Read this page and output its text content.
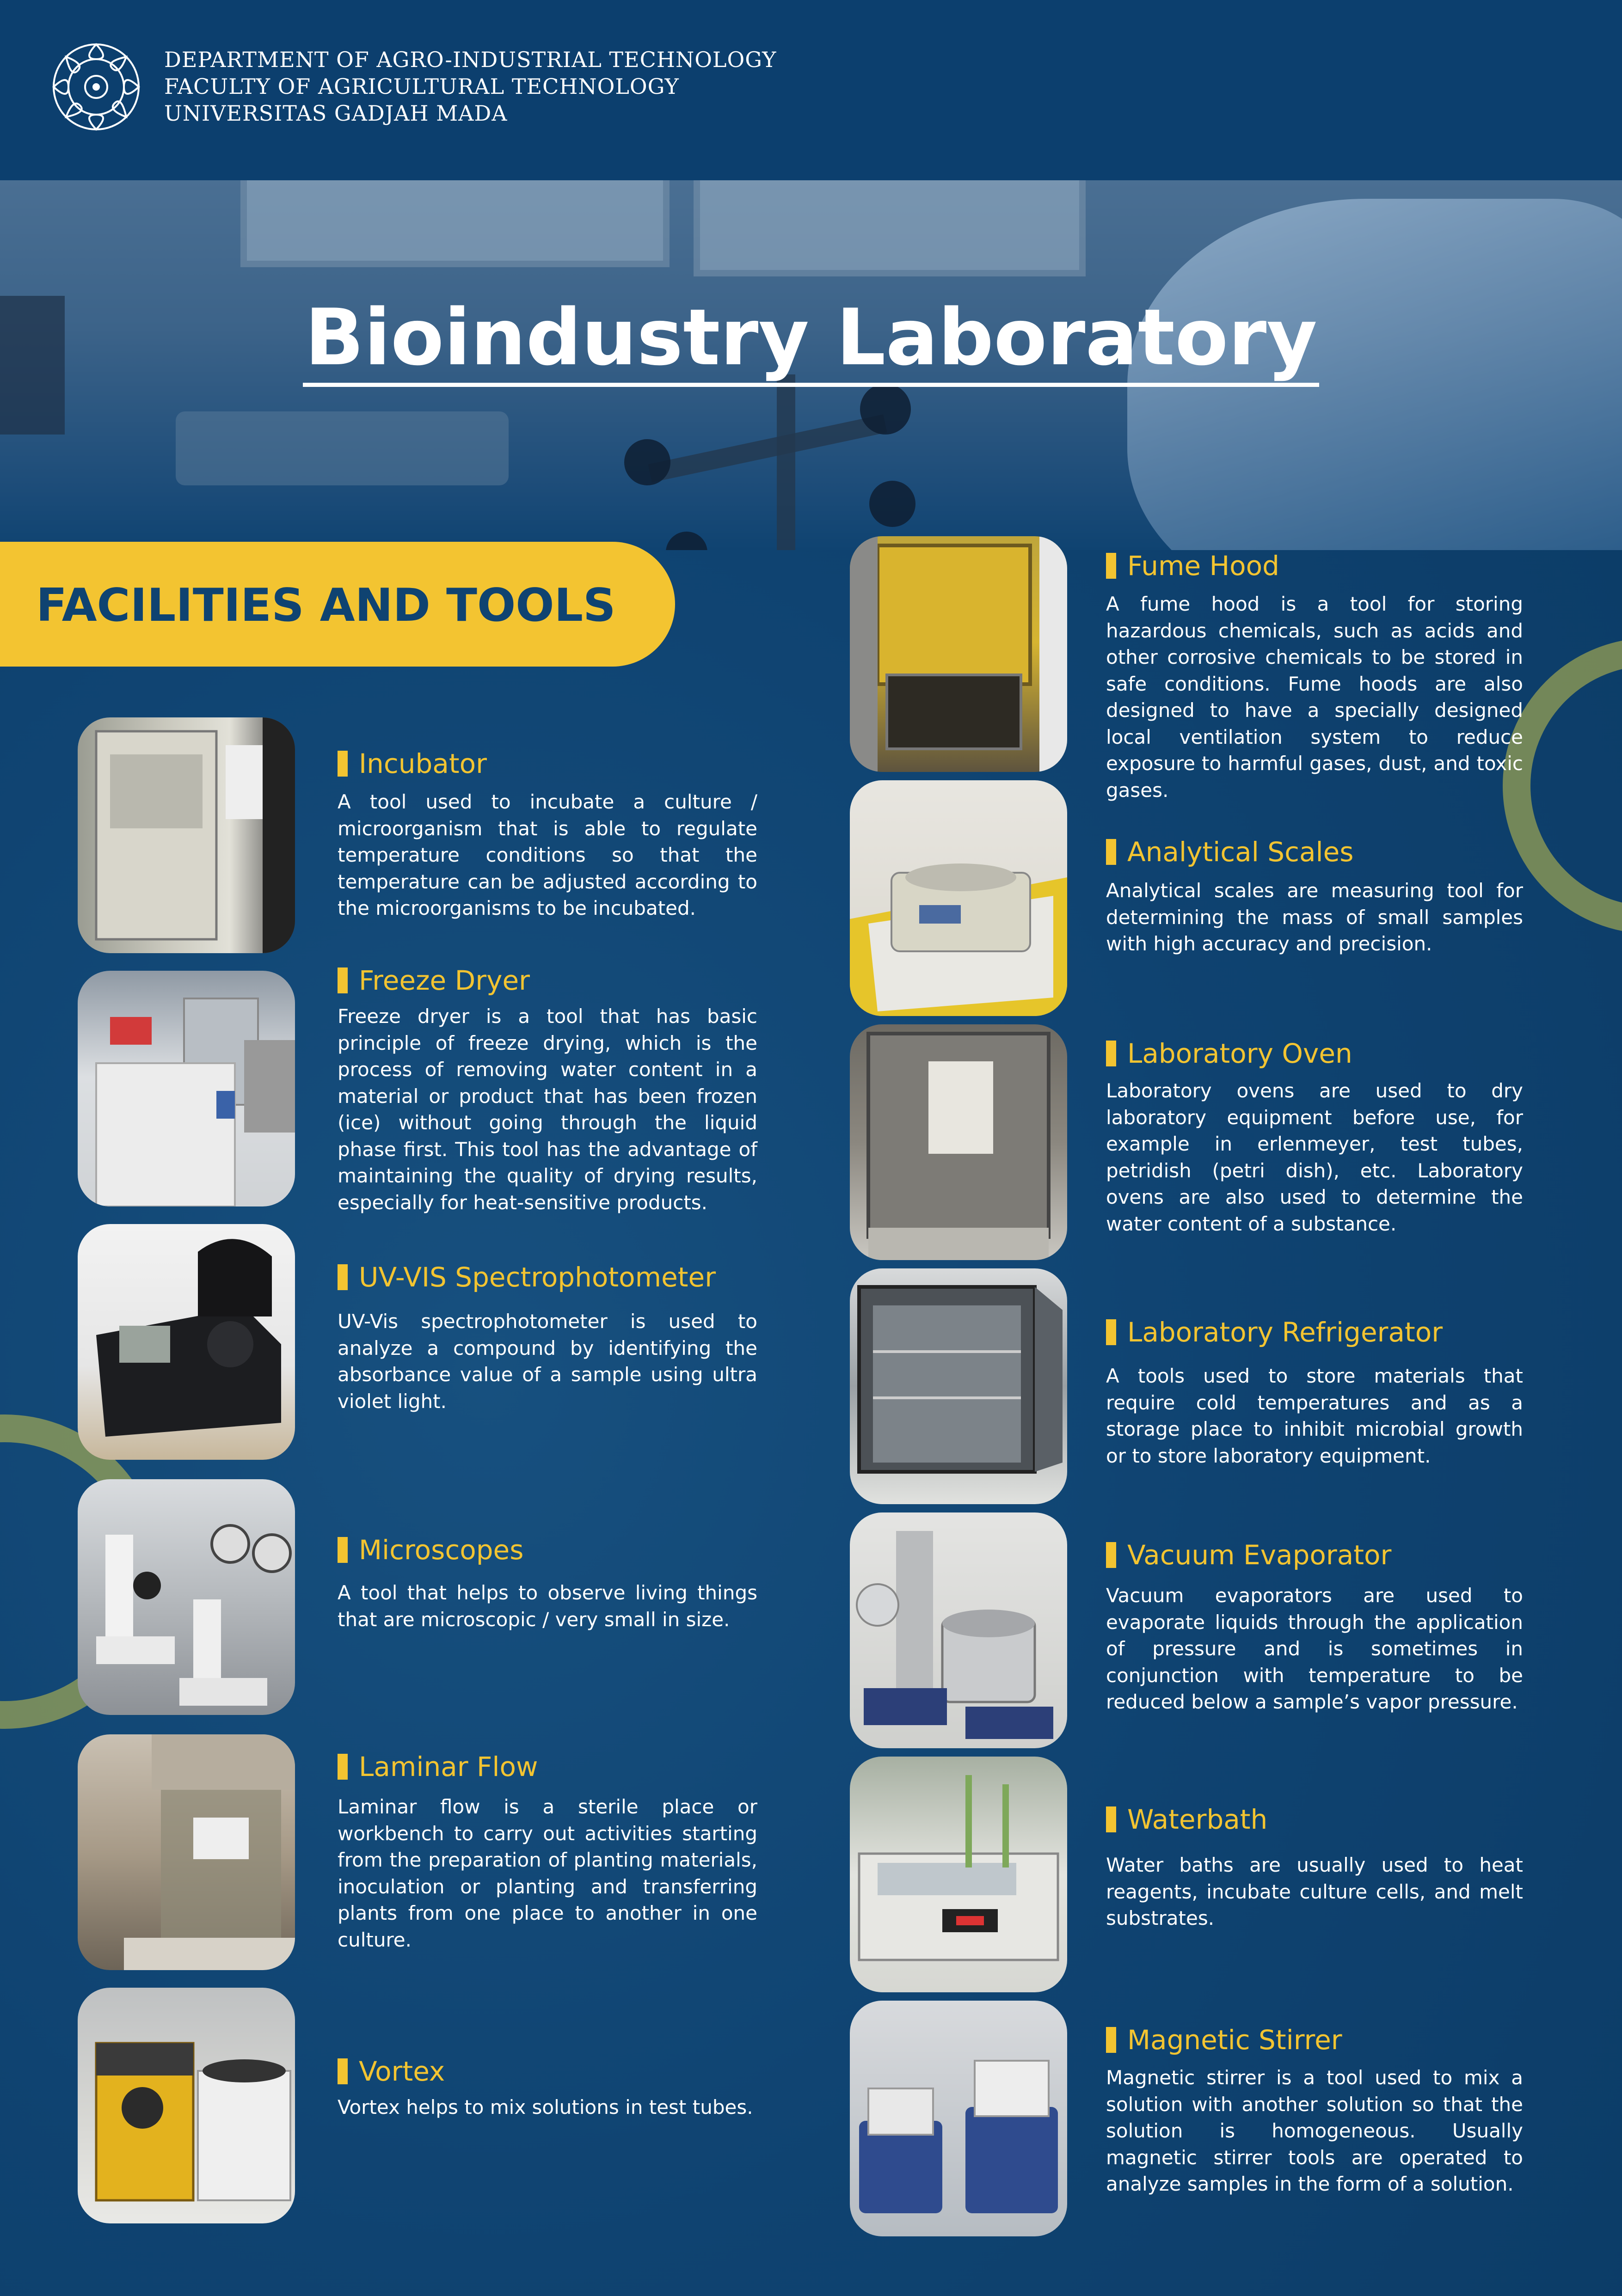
DEPARTMENT OF AGRO-INDUSTRIAL TECHNOLOGY
FACULTY OF AGRICULTURAL TECHNOLOGY
UNIVERSITAS GADJAH MADA
Bioindustry Laboratory
FACILITIES AND TOOLS
Incubator
A tool used to incubate a culture / microorganism that is able to regulate temperature conditions so that the temperature can be adjusted according to the microorganisms to be incubated.
Freeze Dryer
Freeze dryer is a tool that has basic principle of freeze drying, which is the process of removing water content in a material or product that has been frozen (ice) without going through the liquid phase first. This tool has the advantage of maintaining the quality of drying results, especially for heat-sensitive products.
UV-VIS Spectrophotometer
UV-Vis spectrophotometer is used to analyze a compound by identifying the absorbance value of a sample using ultra violet light.
Microscopes
A tool that helps to observe living things that are microscopic / very small in size.
Laminar Flow
Laminar flow is a sterile place or workbench to carry out activities starting from the preparation of planting materials, inoculation or planting and transferring plants from one place to another in one culture.
Vortex
Vortex helps to mix solutions in test tubes.
Fume Hood
A fume hood is a tool for storing hazardous chemicals, such as acids and other corrosive chemicals to be stored in safe conditions. Fume hoods are also designed to have a specially designed local ventilation system to reduce exposure to harmful gases, dust, and toxic gases.
Analytical Scales
Analytical scales are measuring tool for determining the mass of small samples with high accuracy and precision.
Laboratory Oven
Laboratory ovens are used to dry laboratory equipment before use, for example in erlenmeyer, test tubes, petridish (petri dish), etc. Laboratory ovens are also used to determine the water content of a substance.
Laboratory Refrigerator
A tools used to store materials that require cold temperatures and as a storage place to inhibit microbial growth or to store laboratory equipment.
Vacuum Evaporator
Vacuum evaporators are used to evaporate liquids through the application of pressure and is sometimes in conjunction with temperature to be reduced below a sample’s vapor pressure.
Waterbath
Water baths are usually used to heat reagents, incubate culture cells, and melt substrates.
Magnetic Stirrer
Magnetic stirrer is a tool used to mix a solution with another solution so that the solution is homogeneous. Usually magnetic stirrer tools are operated to analyze samples in the form of a solution.
